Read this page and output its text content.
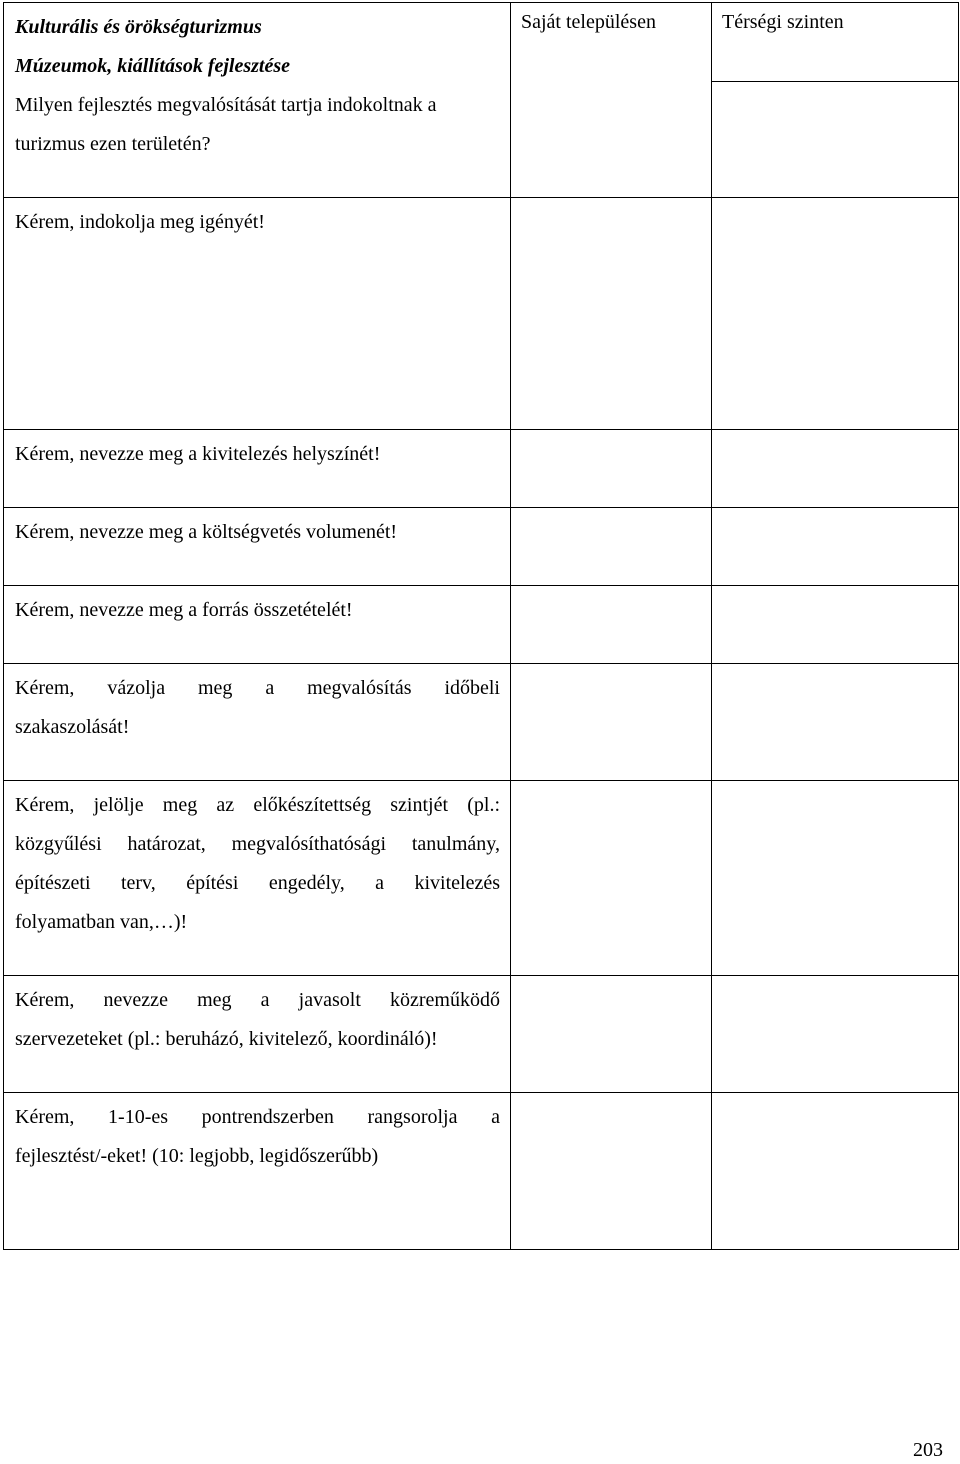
Kulturális és örökségturizmus
Múzeumok, kiállítások fejlesztése
Milyen fejlesztés megvalósítását tartja indokoltnak a turizmus ezen területén?	Saját településen	Térségi szinten

Kérem, indokolja meg igényét!		

Kérem, nevezze meg a kivitelezés helyszínét!		

Kérem, nevezze meg a költségvetés volumenét!		

Kérem, nevezze meg a forrás összetételét!		

Kérem, vázolja meg a megvalósítás időbeli
szakaszolását!		

Kérem, jelölje meg az előkészítettség szintjét (pl.:
közgyűlési határozat, megvalósíthatósági tanulmány,
építészeti terv, építési engedély, a kivitelezés
folyamatban van,…)!		

Kérem, nevezze meg a javasolt közreműködő
szervezeteket (pl.: beruházó, kivitelező, koordináló)!		

Kérem, 1-10-es pontrendszerben rangsorolja a
fejlesztést/-eket! (10: legjobb, legidőszerűbb)		

203
